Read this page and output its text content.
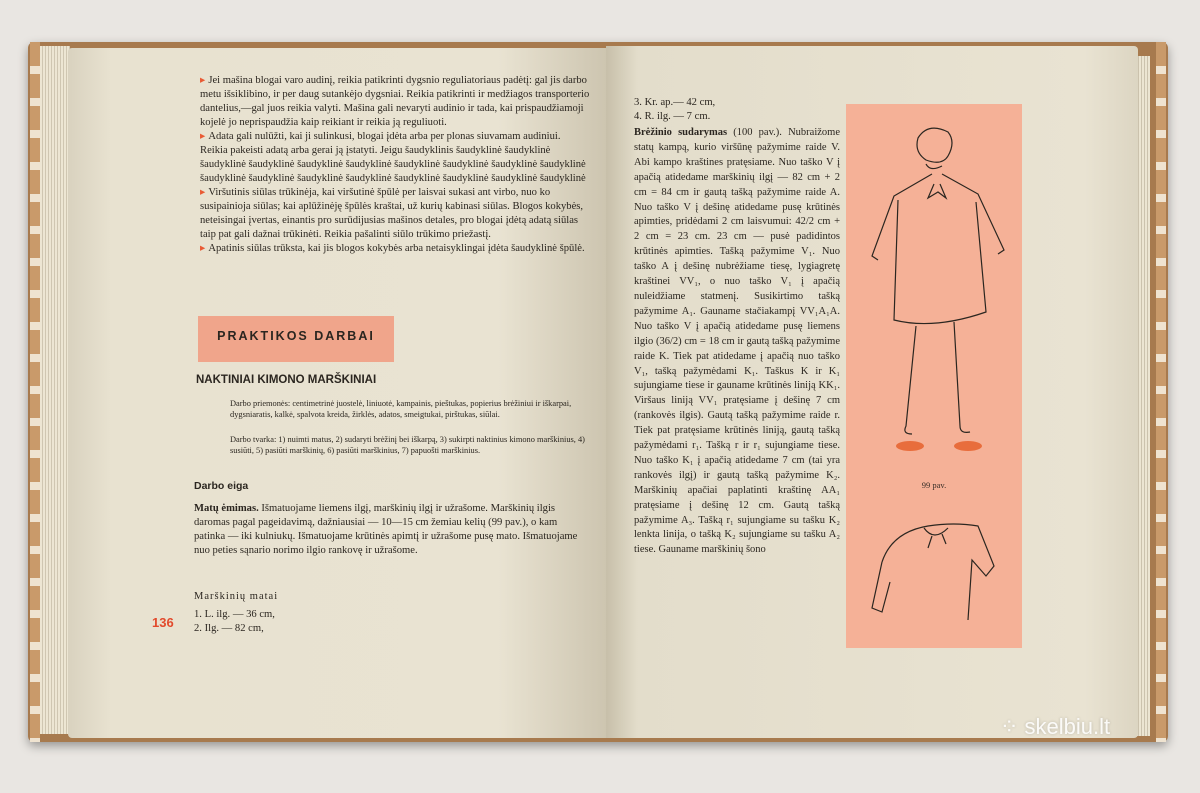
▸ Jei mašina blogai varo audinį, reikia patikrinti dygsnio reguliatoriaus padėtį: gal jis darbo metu išsiklibino, ir per daug sutankėjo dygsniai. Reikia patikrinti ir medžiagos transporterio dantelius,—gal juos reikia valyti. Mašina gali nevaryti audinio ir tada, kai prispaudžiamoji kojelė jo neprispaudžia kaip reikiant ir reikia ją reguliuoti.
▸ Adata gali nulūžti, kai ji sulinkusi, blogai įdėta arba per plonas siuvamam audiniui. Reikia pakeisti adatą arba gerai ją įstatyti. Jeigu šaudyklinis šaudyklinė šaudyklinė šaudyklinė šaudyklinė šaudyklinė šaudyklinė šaudyklinė šaudyklinė šaudyklinė šaudyklinė šaudyklinė šaudyklinė šaudyklinė šaudyklinė šaudyklinė šaudyklinė šaudyklinė šaudyklinė
▸ Viršutinis siūlas trūkinėja, kai viršutinė špūlė per laisvai sukasi ant virbo, nuo ko susipainioja siūlas; kai aplūžinėję špūlės kraštai, už kurių kabinasi siūlas. Blogos kokybės, neteisingai įvertas, einantis pro surūdijusias mašinos detales, pro blogai įdėtą adatą siūlas taip pat gali dažnai trūkinėti. Reikia pašalinti siūlo trūkimo priežastį.
▸ Apatinis siūlas trūksta, kai jis blogos kokybės arba netaisyklingai įdėta šaudyklinė špūlė.
PRAKTIKOS DARBAI
NAKTINIAI KIMONO MARŠKINIAI
Darbo priemonės: centimetrinė juostelė, liniuotė, kampainis, pieštukas, popierius brėžiniui ir iškarpai, dygsniaratis, kalkė, spalvota kreida, žirklės, adatos, smeigtukai, pirštukas, siūlai.
Darbo tvarka: 1) nuimti matus, 2) sudaryti brėžinį bei iškarpą, 3) sukirpti naktinius kimono marškinius, 4) susiūti, 5) pasiūti marškinių, 6) pasiūti marškinius, 7) papuošti marškinius.
Darbo eiga
Matų ėmimas. Išmatuojame liemens ilgį, marškinių ilgį ir užrašome. Marškinių ilgis daromas pagal pageidavimą, dažniausiai — 10—15 cm žemiau kelių (99 pav.), o kam patinka — iki kulniukų. Išmatuojame krūtinės apimtį ir užrašome pusę mato. Išmatuojame nuo peties sąnario norimo ilgio rankovę ir užrašome.
Marškinių matai
1. L. ilg. — 36 cm,
2. Ilg. — 82 cm,
136
3. Kr. ap.— 42 cm,
4. R. ilg. — 7 cm.
Brėžinio sudarymas (100 pav.). Nubraižome statų kampą, kurio viršūnę pažymime raide V. Abi kampo kraštines pratęsiame. Nuo taško V į apačią atidedame marškinių ilgį — 82 cm + 2 cm = 84 cm ir gautą tašką pažymime raide A. Nuo taško V į dešinę atidedame pusę krūtinės apimties, pridėdami 2 cm laisvumui: 42/2 cm + 2 cm = 23 cm. 23 cm — pusė padidintos krūtinės apimties. Tašką pažymime V₁. Nuo taško A į dešinę nubrėžiame tiesę, lygiagretę kraštinei VV₁, o nuo taško V₁ į apačią nuleidžiame statmenį. Susikirtimo tašką pažymime A₁. Gauname stačiakampį VV₁A₁A. Nuo taško V į apačią atidedame pusę liemens ilgio (36/2) cm = 18 cm ir gautą tašką pažymime raide K. Tiek pat atidedame į apačią nuo taško V₁, tašką pažymėdami K₁. Taškus K ir K₁ sujungiame tiese ir gauname krūtinės liniją KK₁. Viršaus liniją VV₁ pratęsiame į dešinę 7 cm (rankovės ilgis). Gautą tašką pažymime raide r. Tiek pat pratęsiame krūtinės liniją, gautą tašką pažymėdami r₁. Tašką r ir r₁ sujungiame tiese. Nuo taško K₁ į apačią atidedame 7 cm (tai yra rankovės ilgį) ir gautą tašką pažymime K₂. Marškinių apačiai paplatinti kraštinę AA₁ pratęsiame į dešinę 12 cm. Gautą tašką pažymime A₃. Tašką r₁ sujungiame su tašku K₂ lenkta linija, o tašką K₂ sujungiame su tašku A₂ tiese. Gauname marškinių šono
99 pav.
⁘ skelbiu.lt
